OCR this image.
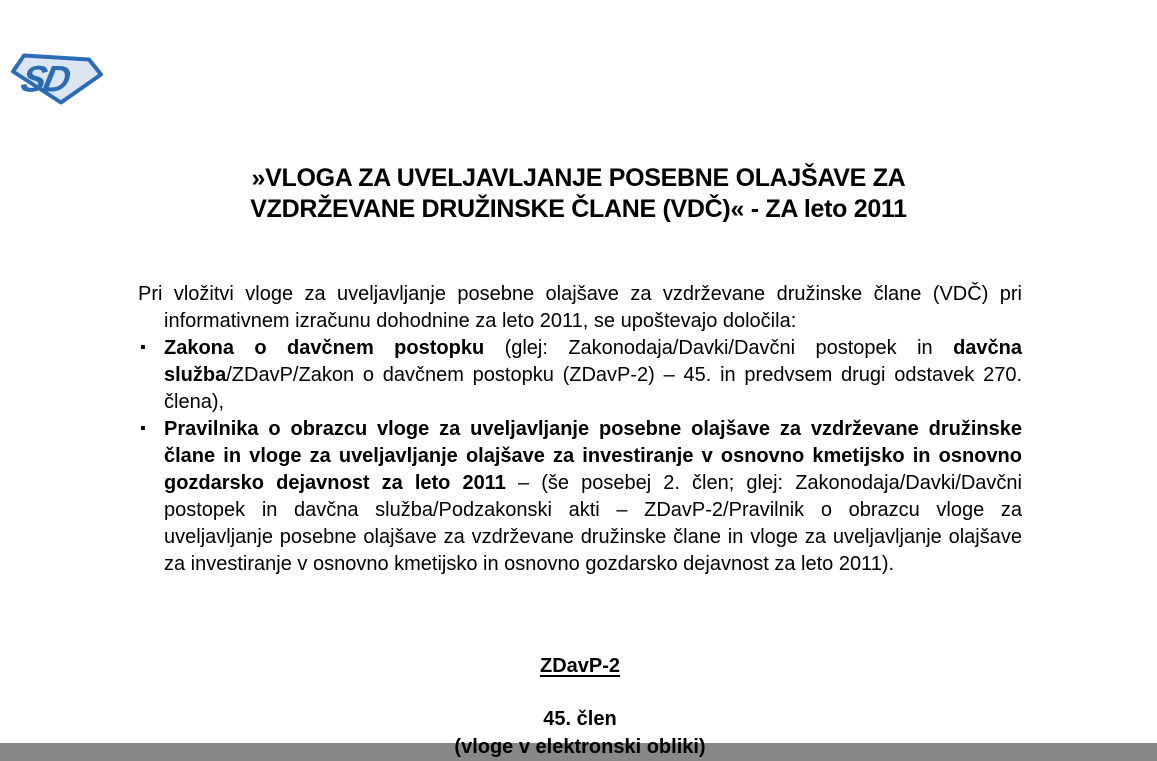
SD
»VLOGA ZA UVELJAVLJANJE POSEBNE OLAJŠAVE ZA
VZDRŽEVANE DRUŽINSKE ČLANE (VDČ)« - ZA leto 2011

Pri vložitvi vloge za uveljavljanje posebne olajšave za vzdrževane družinske člane (VDČ) pri informativnem izračunu dohodnine za leto 2011, se upoštevajo določila:

▪ Zakona o davčnem postopku (glej: Zakonodaja/Davki/Davčni postopek in davčna služba/ZDavP/Zakon o davčnem postopku (ZDavP-2) – 45. in predvsem drugi odstavek 270. člena),
▪ Pravilnika o obrazcu vloge za uveljavljanje posebne olajšave za vzdrževane družinske člane in vloge za uveljavljanje olajšave za investiranje v osnovno kmetijsko in osnovno gozdarsko dejavnost za leto 2011 – (še posebej 2. člen; glej: Zakonodaja/Davki/Davčni postopek in davčna služba/Podzakonski akti – ZDavP-2/Pravilnik o obrazcu vloge za uveljavljanje posebne olajšave za vzdrževane družinske člane in vloge za uveljavljanje olajšave za investiranje v osnovno kmetijsko in osnovno gozdarsko dejavnost za leto 2011).
ZDavP-2
45. člen
(vloge v elektronski obliki)
